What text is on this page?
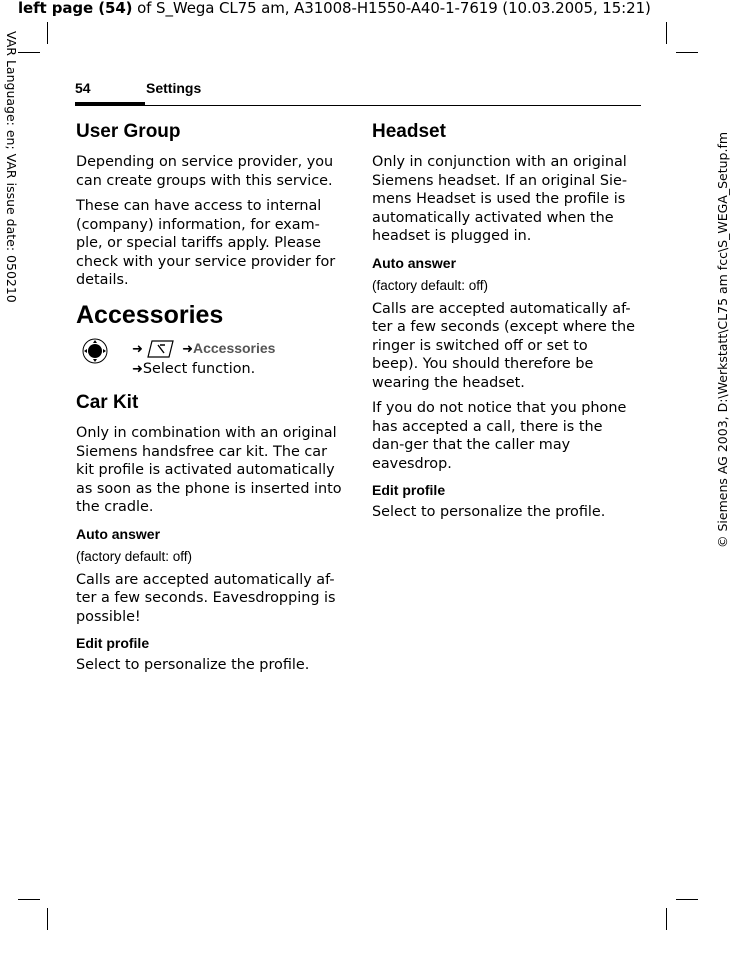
left page (54) of S_Wega CL75 am, A31008-H1550-A40-1-7619 (10.03.2005, 15:21)
VAR Language: en; VAR issue date: 050210	© Siemens AG 2003, D:\Werkstatt\CL75 am fcc\S_WEGA_Setup.fm
54	Settings
User Group

Depending on service provider, you can create groups with this service.

These can have access to internal (company) information, for exam-ple, or special tariffs apply. Please check with your service provider for details.

Accessories
➜	➜Accessories
➜Select function.
Car Kit

Only in combination with an original Siemens handsfree car kit. The car kit profile is activated automatically as soon as the phone is inserted into the cradle.

Auto answer
(factory default: off)

Calls are accepted automatically af-ter a few seconds. Eavesdropping is possible!

Edit profile

Select to personalize the profile.

Headset

Only in conjunction with an original Siemens headset. If an original Sie-mens Headset is used the profile is automatically activated when the headset is plugged in.

Auto answer
(factory default: off)

Calls are accepted automatically af-ter a few seconds (except where the ringer is switched off or set to beep). You should therefore be wearing the headset.

If you do not notice that you phone has accepted a call, there is the dan-ger that the caller may eavesdrop.

Edit profile

Select to personalize the profile.
